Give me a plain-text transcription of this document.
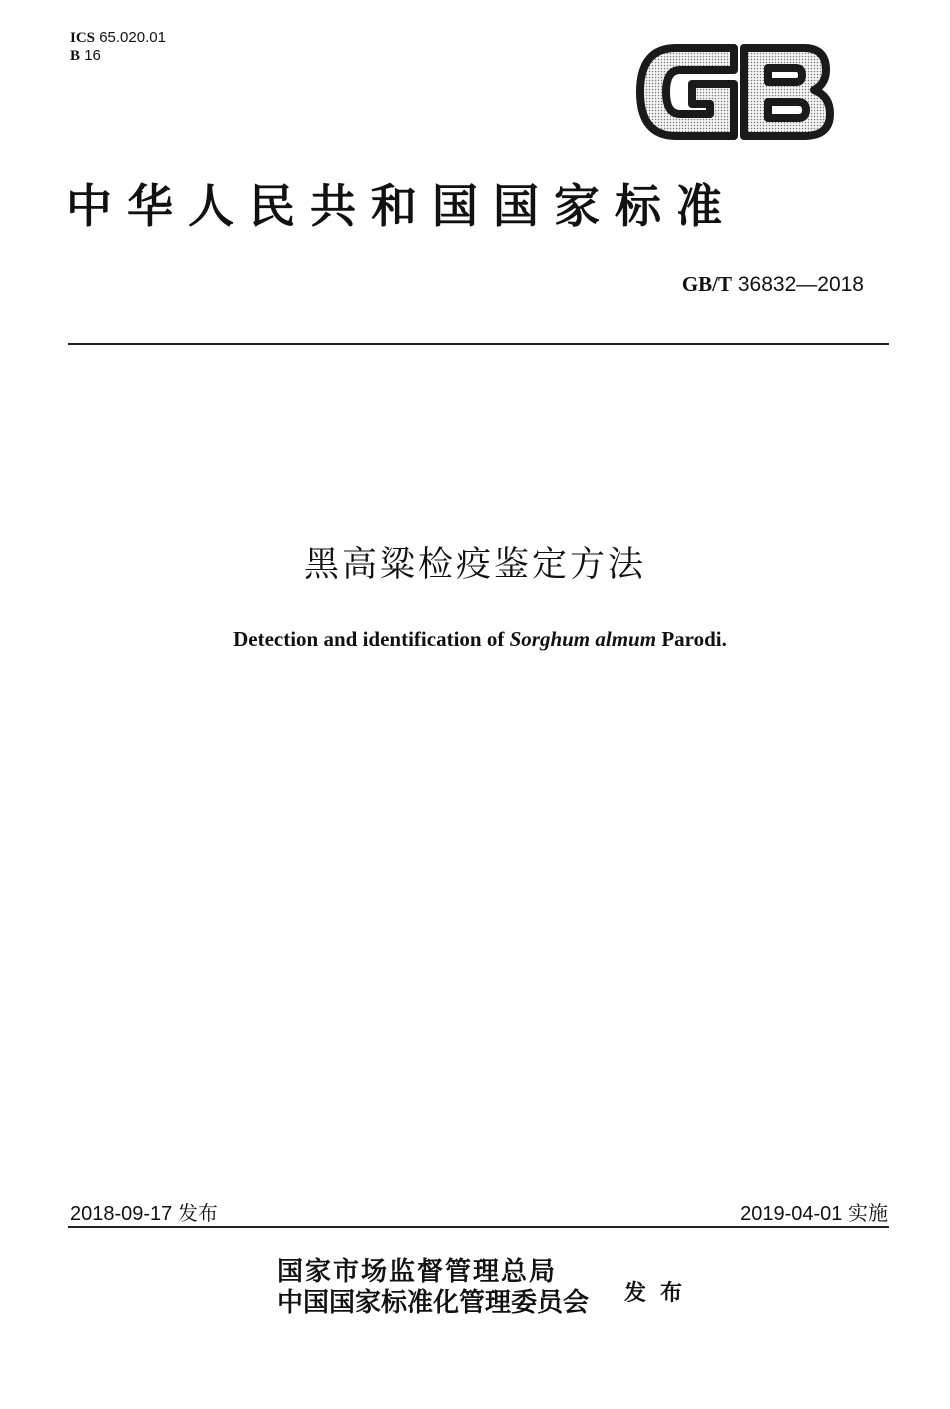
ICS 65.020.01
B 16
中华人民共和国国家标准
GB/T 36832—2018
黑高粱检疫鉴定方法
Detection and identification of Sorghum almum Parodi.
2018-09-17 发布	2019-04-01 实施
国家市场监督管理总局
中国国家标准化管理委员会 发布
